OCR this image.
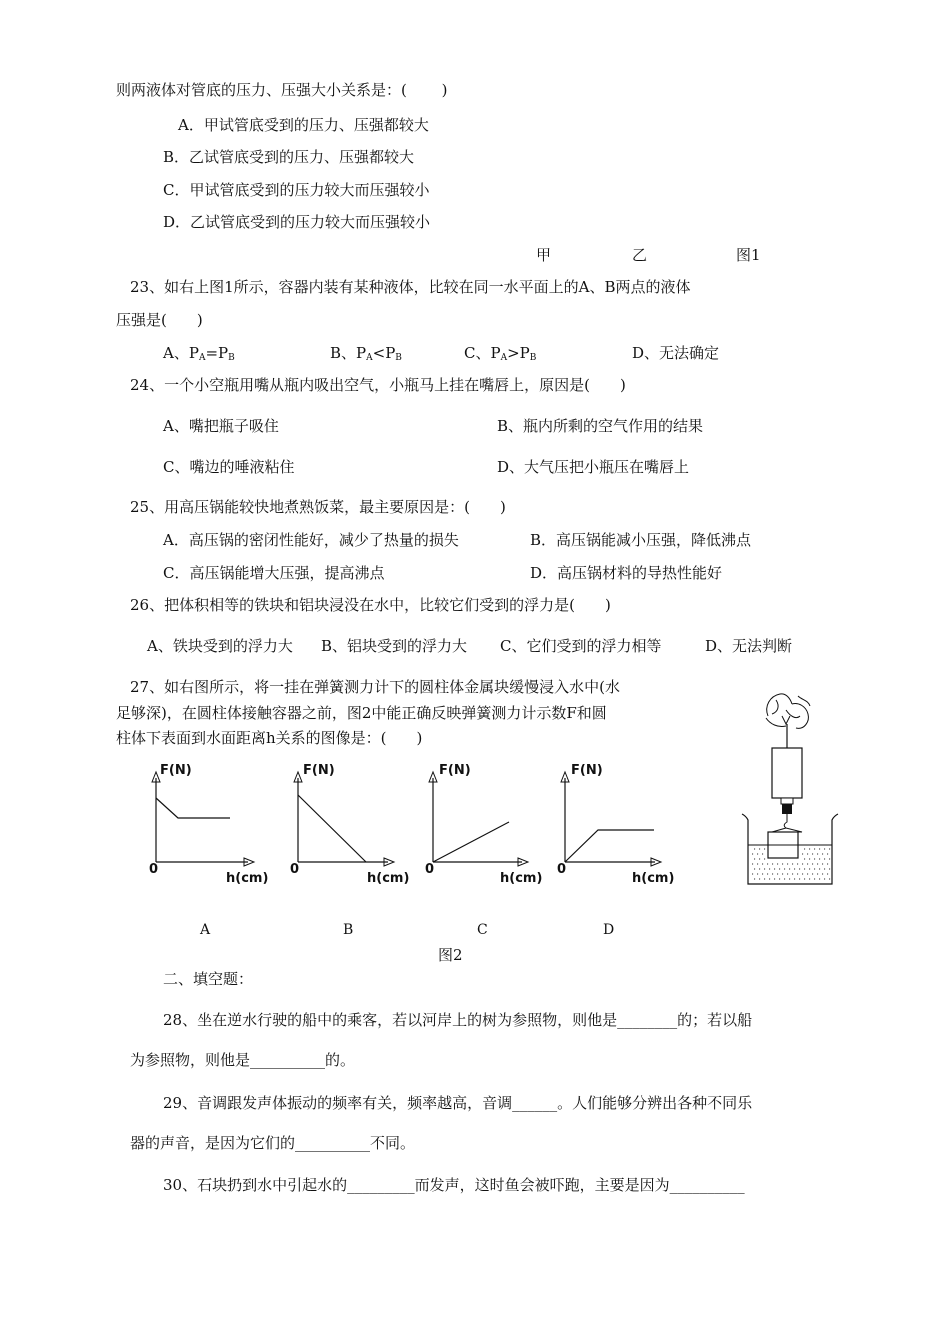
则两液体对管底的压力、压强大小关系是：(　　 )
A．甲试管底受到的压力、压强都较大
B．乙试管底受到的压力、压强都较大
C．甲试管底受到的压力较大而压强较小
D．乙试管底受到的压力较大而压强较小
甲	乙	图1
23、如右上图1所示，容器内装有某种液体，比较在同一水平面上的A、B两点的液体
压强是(　　)
A、$P_A=P_B$	B、$P_A<P_B$	C、$P_A>P_B$	D、无法确定
24、一个小空瓶用嘴从瓶内吸出空气，小瓶马上挂在嘴唇上，原因是(　　)
A、嘴把瓶子吸住	B、瓶内所剩的空气作用的结果
C、嘴边的唾液粘住	D、大气压把小瓶压在嘴唇上
25、用高压锅能较快地煮熟饭菜，最主要原因是：(　　)
A．高压锅的密闭性能好，减少了热量的损失	B．高压锅能减小压强，降低沸点
C．高压锅能增大压强，提高沸点	D．高压锅材料的导热性能好
26、把体积相等的铁块和铝块浸没在水中，比较它们受到的浮力是(　　)
A、铁块受到的浮力大 B、铝块受到的浮力大 C、它们受到的浮力相等	D、无法判断
27、如右图所示，将一挂在弹簧测力计下的圆柱体金属块缓慢浸入水中(水
足够深)，在圆柱体接触容器之前，图2中能正确反映弹簧测力计示数F和圆
柱体下表面到水面距离h关系的图像是：(　　)
F(N)
0
h(cm)
A
F(N)
0
h(cm)
B
F(N)
0
h(cm)
C
F(N)
0
h(cm)
D
图2
二、填空题：
28、坐在逆水行驶的船中的乘客，若以河岸上的树为参照物，则他是________的；若以船
为参照物，则他是__________的。
29、音调跟发声体振动的频率有关，频率越高，音调______。人们能够分辨出各种不同乐
器的声音，是因为它们的__________不同。
30、石块扔到水中引起水的_________而发声，这时鱼会被吓跑，主要是因为__________
